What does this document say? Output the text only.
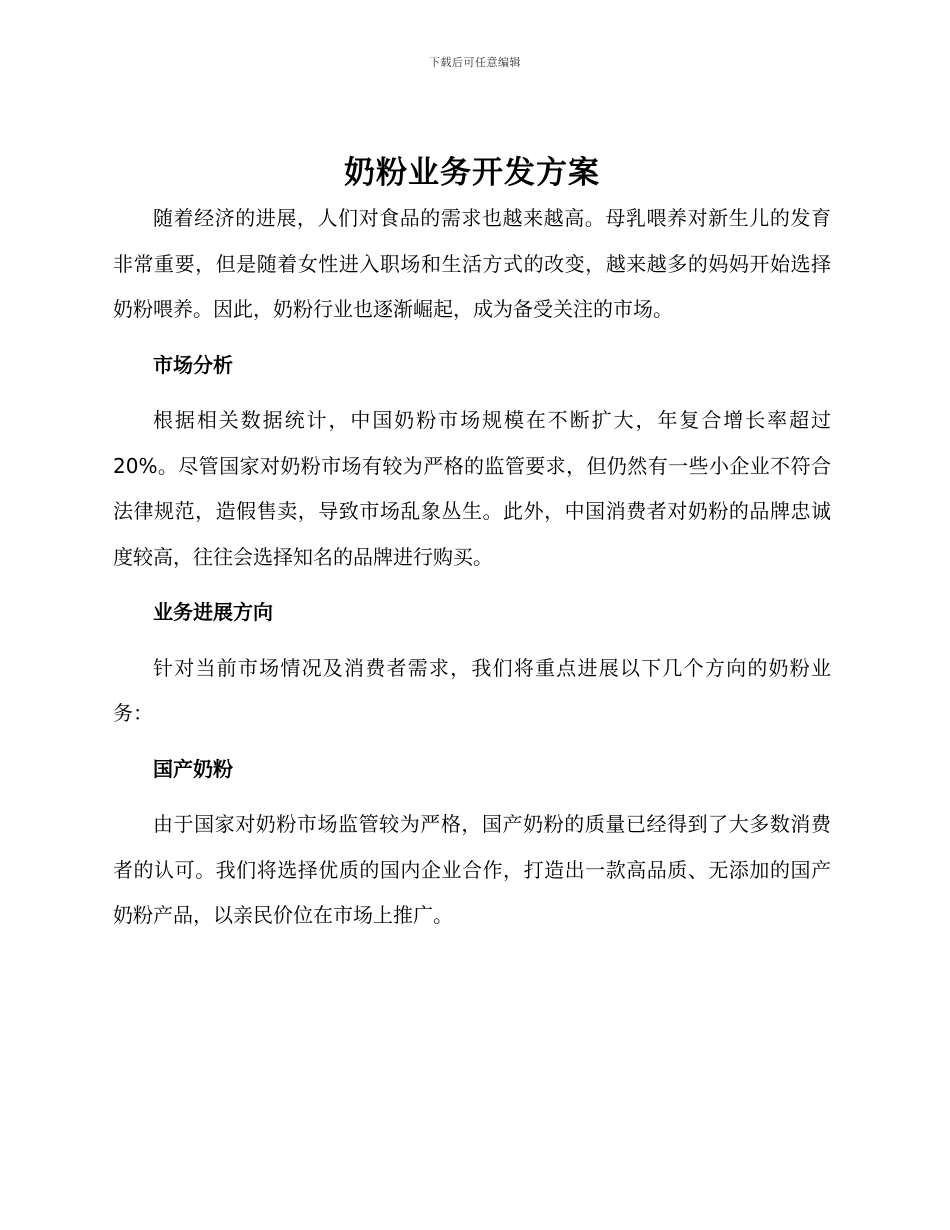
下载后可任意编辑
奶粉业务开发方案

随着经济的进展，人们对食品的需求也越来越高。母乳喂养对新生儿的发育非常重要，但是随着女性进入职场和生活方式的改变，越来越多的妈妈开始选择奶粉喂养。因此，奶粉行业也逐渐崛起，成为备受关注的市场。

市场分析

根据相关数据统计，中国奶粉市场规模在不断扩大，年复合增长率超过20%。尽管国家对奶粉市场有较为严格的监管要求，但仍然有一些小企业不符合法律规范，造假售卖，导致市场乱象丛生。此外，中国消费者对奶粉的品牌忠诚度较高，往往会选择知名的品牌进行购买。

业务进展方向

针对当前市场情况及消费者需求，我们将重点进展以下几个方向的奶粉业务：

国产奶粉

由于国家对奶粉市场监管较为严格，国产奶粉的质量已经得到了大多数消费者的认可。我们将选择优质的国内企业合作，打造出一款高品质、无添加的国产奶粉产品，以亲民价位在市场上推广。
